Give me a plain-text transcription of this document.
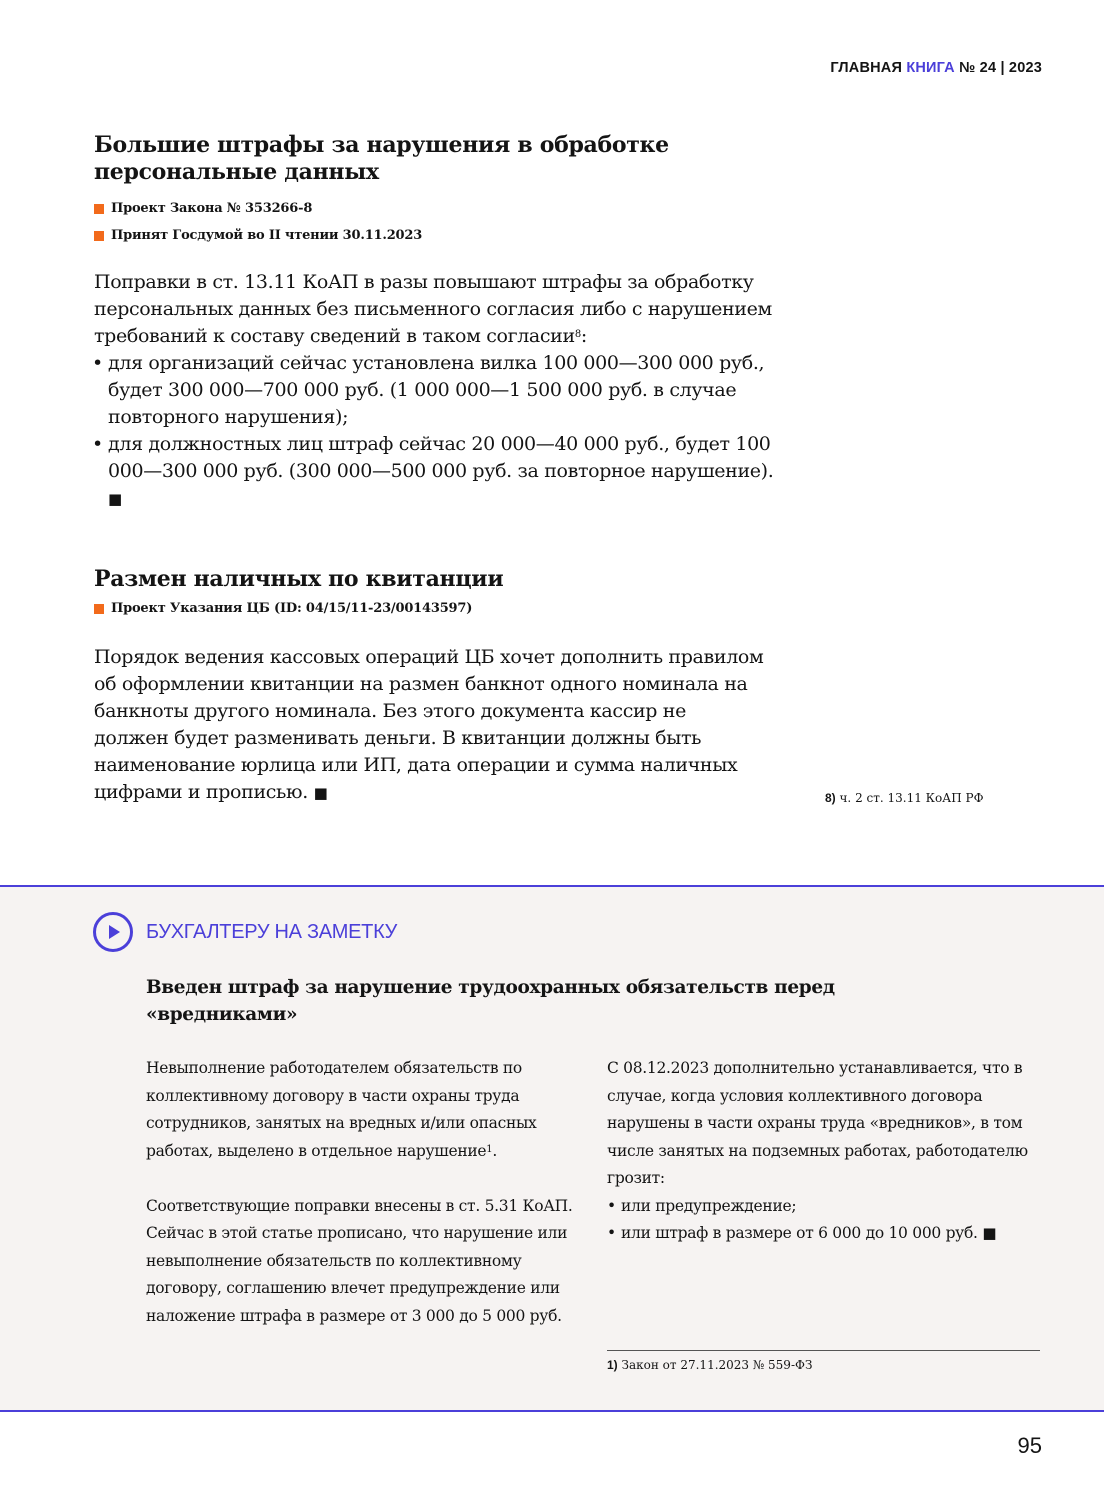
ГЛАВНАЯ КНИГА № 24 | 2023
Большие штрафы за нарушения в обработке персональные данных
Проект Закона № 353266-8
Принят Госдумой во II чтении 30.11.2023

Поправки в ст. 13.11 КоАП в разы повышают штрафы за обработку персональных данных без письменного согласия либо с нарушением требований к составу сведений в таком согласии$^8$:

• для организаций сейчас установлена вилка 100 000—300 000 руб., будет 300 000—700 000 руб. (1 000 000—1 500 000 руб. в случае повторного нарушения);

• для должностных лиц штраф сейчас 20 000—40 000 руб., будет 100 000—300 000 руб. (300 000—500 000 руб. за повторное нарушение). ■

Размен наличных по квитанции
Проект Указания ЦБ (ID: 04/15/11-23/00143597)

Порядок ведения кассовых операций ЦБ хочет дополнить правилом об оформлении квитанции на размен банкнот одного номинала на банкноты другого номинала. Без этого документа кассир не должен будет разменивать деньги. В квитанции должны быть наименование юрлица или ИП, дата операции и сумма наличных цифрами и прописью. ■	8) ч. 2 ст. 13.11 КоАП РФ
БУХГАЛТЕРУ НА ЗАМЕТКУ
Введен штраф за нарушение трудоохранных обязательств перед «вредниками»

Невыполнение работодателем обязательств по коллективному договору в части охраны труда сотрудников, занятых на вредных и/или опасных работах, выделено в отдельное нарушение$^1$.

Соответствующие поправки внесены в ст. 5.31 КоАП. Сейчас в этой статье прописано, что нарушение или невыполнение обязательств по коллективному договору, соглашению влечет предупреждение или наложение штрафа в размере от 3 000 до 5 000 руб.

С 08.12.2023 дополнительно устанавливается, что в случае, когда условия коллективного договора нарушены в части охраны труда «вредников», в том числе занятых на подземных работах, работодателю грозит:

• или предупреждение;

• или штраф в размере от 6 000 до 10 000 руб. ■

1) Закон от 27.11.2023 № 559-ФЗ
95
